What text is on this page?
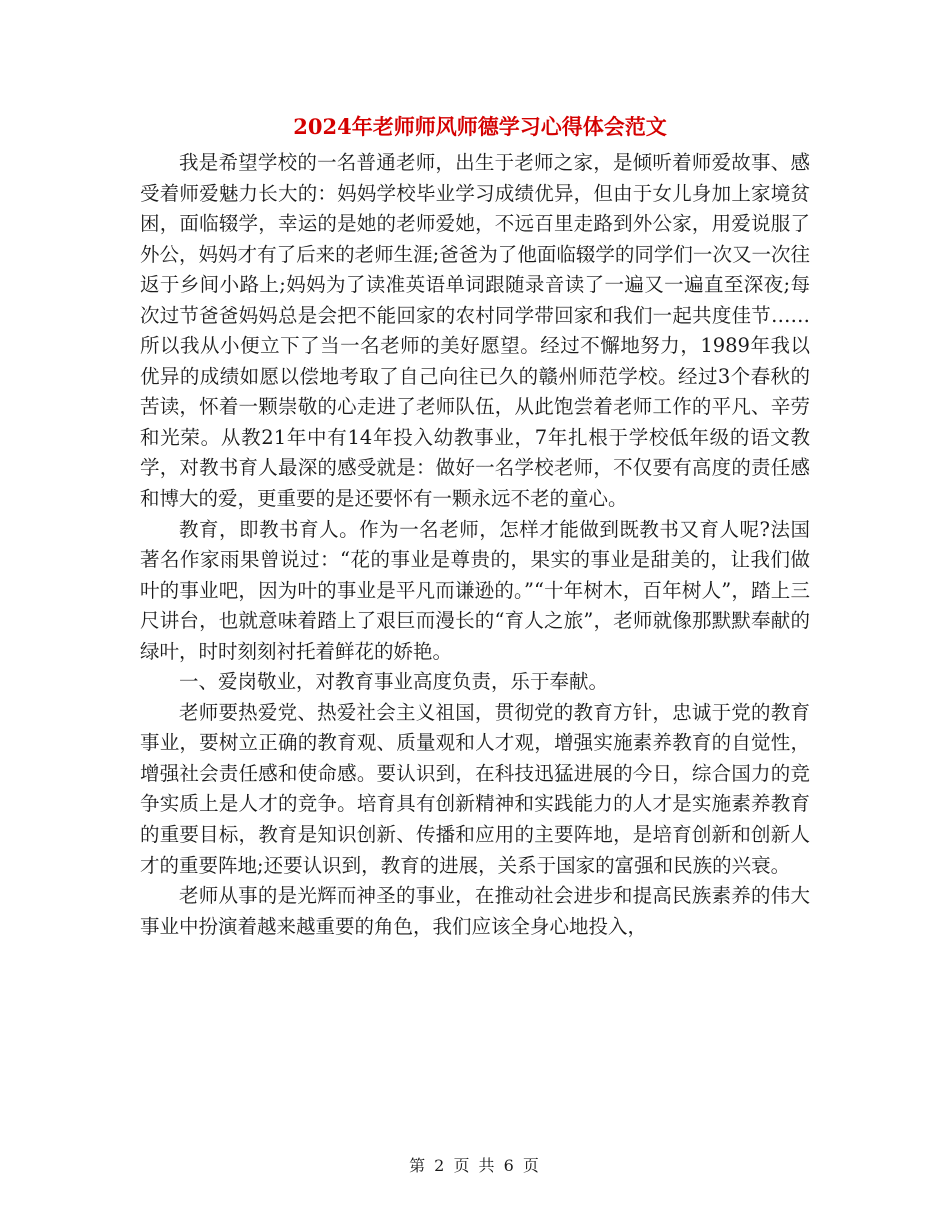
2024年老师师风师德学习心得体会范文

我是希望学校的一名普通老师，出生于老师之家，是倾听着师爱故事、感受着师爱魅力长大的：妈妈学校毕业学习成绩优异，但由于女儿身加上家境贫困，面临辍学，幸运的是她的老师爱她，不远百里走路到外公家，用爱说服了外公，妈妈才有了后来的老师生涯;爸爸为了他面临辍学的同学们一次又一次往返于乡间小路上;妈妈为了读准英语单词跟随录音读了一遍又一遍直至深夜;每次过节爸爸妈妈总是会把不能回家的农村同学带回家和我们一起共度佳节……所以我从小便立下了当一名老师的美好愿望。经过不懈地努力，1989年我以优异的成绩如愿以偿地考取了自己向往已久的赣州师范学校。经过3个春秋的苦读，怀着一颗崇敬的心走进了老师队伍，从此饱尝着老师工作的平凡、辛劳和光荣。从教21年中有14年投入幼教事业，7年扎根于学校低年级的语文教学，对教书育人最深的感受就是：做好一名学校老师，不仅要有高度的责任感和博大的爱，更重要的是还要怀有一颗永远不老的童心。

教育，即教书育人。作为一名老师，怎样才能做到既教书又育人呢?法国著名作家雨果曾说过：“花的事业是尊贵的，果实的事业是甜美的，让我们做叶的事业吧，因为叶的事业是平凡而谦逊的。”“十年树木，百年树人”，踏上三尺讲台，也就意味着踏上了艰巨而漫长的“育人之旅”，老师就像那默默奉献的绿叶，时时刻刻衬托着鲜花的娇艳。

一、爱岗敬业，对教育事业高度负责，乐于奉献。

老师要热爱党、热爱社会主义祖国，贯彻党的教育方针，忠诚于党的教育事业，要树立正确的教育观、质量观和人才观，增强实施素养教育的自觉性，增强社会责任感和使命感。要认识到，在科技迅猛进展的今日，综合国力的竞争实质上是人才的竞争。培育具有创新精神和实践能力的人才是实施素养教育的重要目标，教育是知识创新、传播和应用的主要阵地，是培育创新和创新人才的重要阵地;还要认识到，教育的进展，关系于国家的富强和民族的兴衰。

老师从事的是光辉而神圣的事业，在推动社会进步和提高民族素养的伟大事业中扮演着越来越重要的角色，我们应该全身心地投入，

第 2 页 共 6 页
